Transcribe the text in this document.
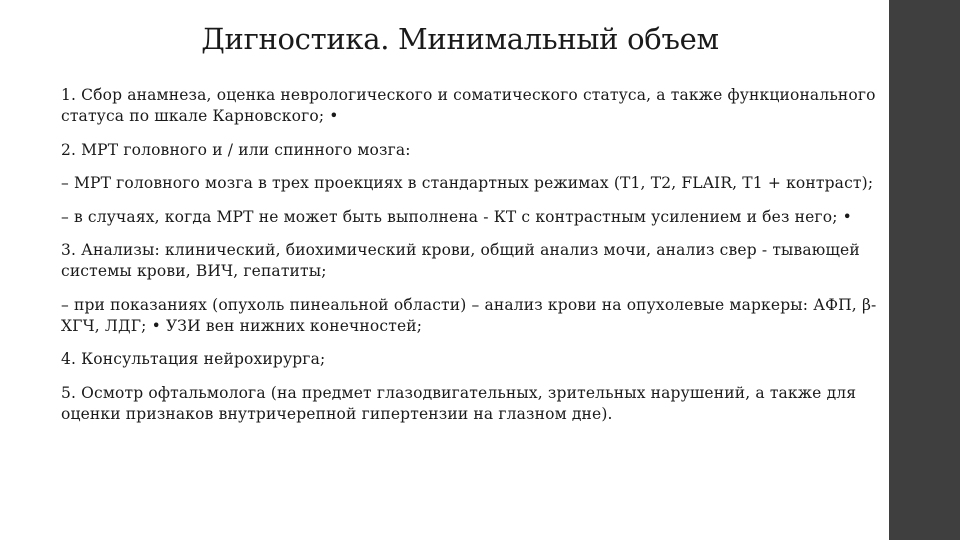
Дигностика. Минимальный объем

1. Сбор анамнеза, оценка неврологического и соматического статуса, а также функционального статуса по шкале Карновского; •

2. МРТ головного и / или спинного мозга:

– МРТ головного мозга в трех проекциях в стандартных режимах (T1, T2, FLAIR, T1 + контраст);

– в случаях, когда МРТ не может быть выполнена - КТ с контрастным усилением и без него; •

3. Анализы: клинический, биохимический крови, общий анализ мочи, анализ свер - тывающей системы крови, ВИЧ, гепатиты;

– при показаниях (опухоль пинеальной области) – анализ крови на опухолевые маркеры: АФП, β-ХГЧ, ЛДГ; • УЗИ вен нижних конечностей;

4. Консультация нейрохирурга;

5. Осмотр офтальмолога (на предмет глазодвигательных, зрительных нарушений, а также для оценки признаков внутричерепной гипертензии на глазном дне).
